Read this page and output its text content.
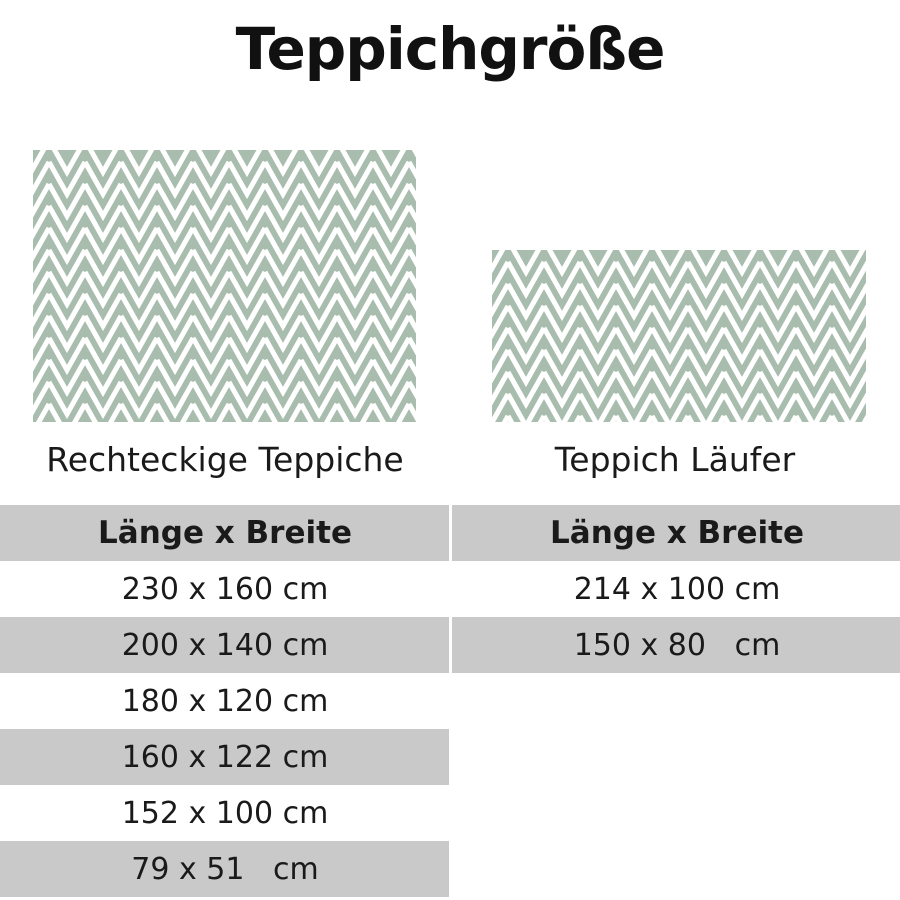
Teppichgröße
Rechteckige Teppiche	Teppich Läufer
Länge x Breite	Länge x Breite
230 x 160 cm	214 x 100 cm
200 x 140 cm	150 x 80   cm
180 x 120 cm	
160 x 122 cm	
152 x 100 cm	
79 x 51   cm	
